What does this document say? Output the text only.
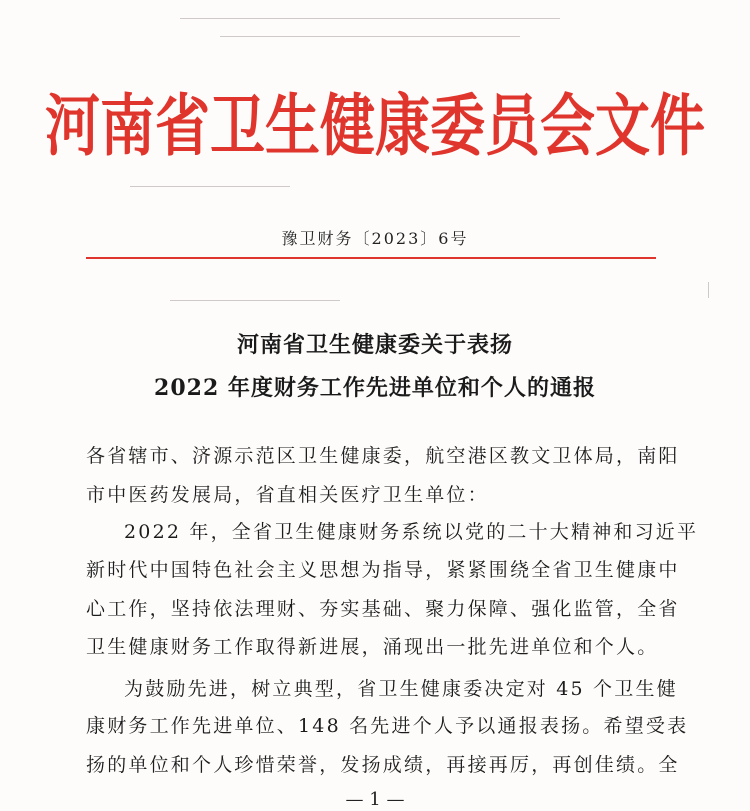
河南省卫生健康委员会文件
豫卫财务〔2023〕6号
河南省卫生健康委关于表扬
2022 年度财务工作先进单位和个人的通报
各省辖市、济源示范区卫生健康委，航空港区教文卫体局，南阳
市中医药发展局，省直相关医疗卫生单位：
2022 年，全省卫生健康财务系统以党的二十大精神和习近平
新时代中国特色社会主义思想为指导，紧紧围绕全省卫生健康中
心工作，坚持依法理财、夯实基础、聚力保障、强化监管，全省
卫生健康财务工作取得新进展，涌现出一批先进单位和个人。
为鼓励先进，树立典型，省卫生健康委决定对 45 个卫生健
康财务工作先进单位、148 名先进个人予以通报表扬。希望受表
扬的单位和个人珍惜荣誉，发扬成绩，再接再厉，再创佳绩。全
— 1 —
